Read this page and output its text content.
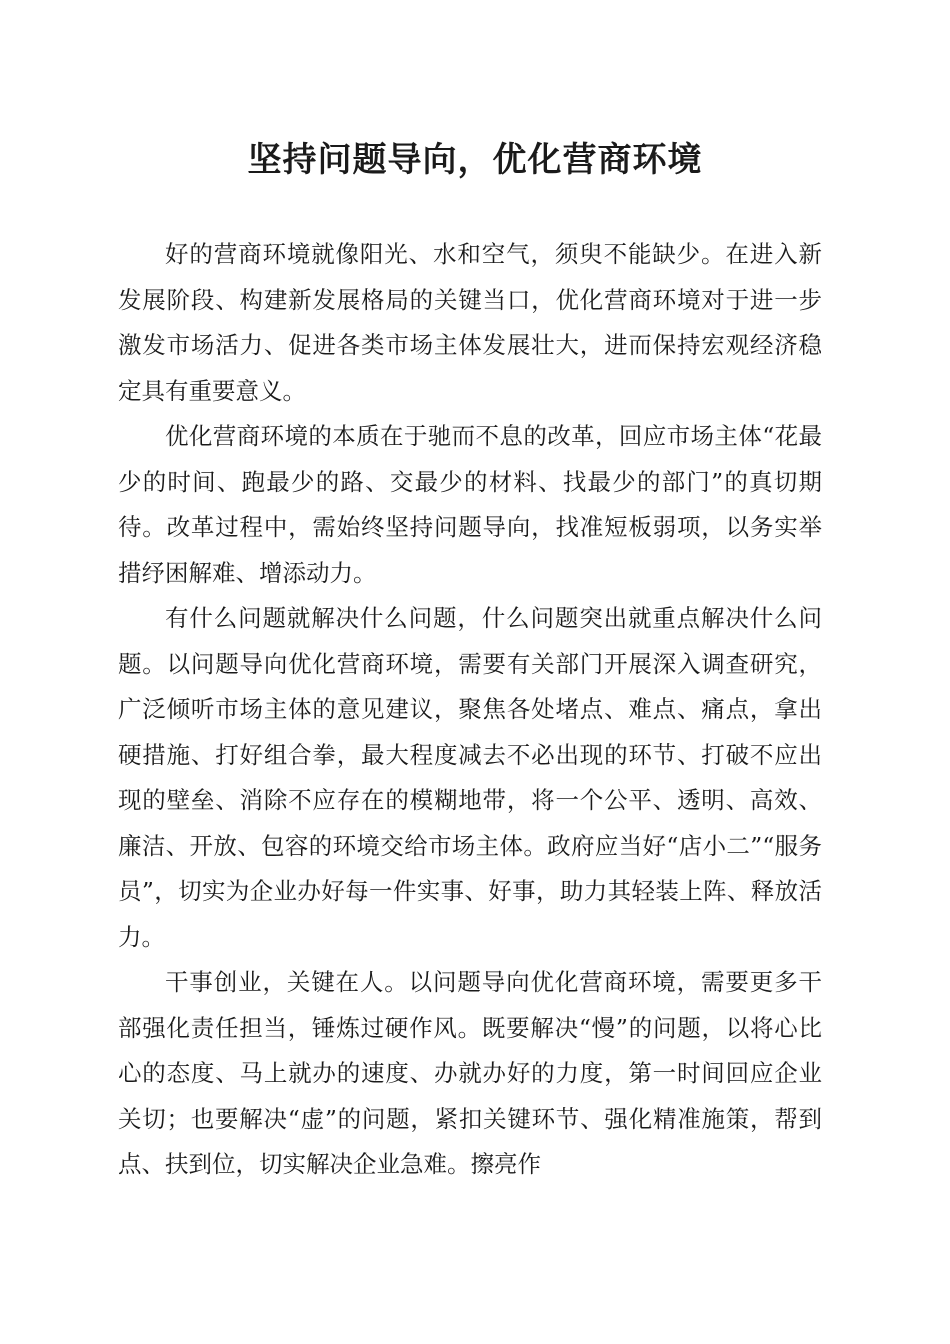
坚持问题导向，优化营商环境

好的营商环境就像阳光、水和空气，须臾不能缺少。在进入新发展阶段、构建新发展格局的关键当口，优化营商环境对于进一步激发市场活力、促进各类市场主体发展壮大，进而保持宏观经济稳定具有重要意义。

优化营商环境的本质在于驰而不息的改革，回应市场主体“花最少的时间、跑最少的路、交最少的材料、找最少的部门”的真切期待。改革过程中，需始终坚持问题导向，找准短板弱项，以务实举措纾困解难、增添动力。

有什么问题就解决什么问题，什么问题突出就重点解决什么问题。以问题导向优化营商环境，需要有关部门开展深入调查研究，广泛倾听市场主体的意见建议，聚焦各处堵点、难点、痛点，拿出硬措施、打好组合拳，最大程度减去不必出现的环节、打破不应出现的壁垒、消除不应存在的模糊地带，将一个公平、透明、高效、廉洁、开放、包容的环境交给市场主体。政府应当好“店小二”“服务员”，切实为企业办好每一件实事、好事，助力其轻装上阵、释放活力。

干事创业，关键在人。以问题导向优化营商环境，需要更多干部强化责任担当，锤炼过硬作风。既要解决“慢”的问题，以将心比心的态度、马上就办的速度、办就办好的力度，第一时间回应企业关切；也要解决“虚”的问题，紧扣关键环节、强化精准施策，帮到点、扶到位，切实解决企业急难。擦亮作
